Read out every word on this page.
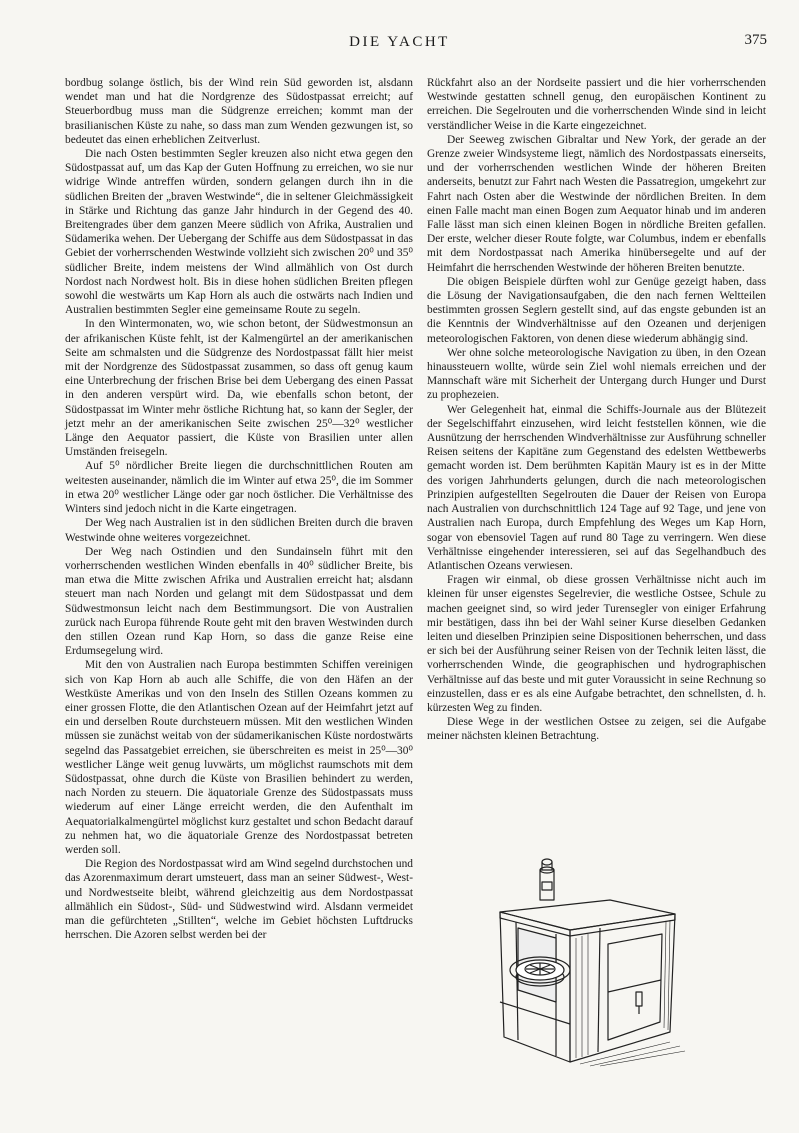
DIE YACHT	375

bordbug solange östlich, bis der Wind rein Süd geworden ist, alsdann wendet man und hat die Nordgrenze des Südostpassat erreicht; auf Steuerbordbug muss man die Südgrenze erreichen; kommt man der brasilianischen Küste zu nahe, so dass man zum Wenden gezwungen ist, so bedeutet das einen erheblichen Zeitverlust.

Die nach Osten bestimmten Segler kreuzen also nicht etwa gegen den Südostpassat auf, um das Kap der Guten Hoffnung zu erreichen, wo sie nur widrige Winde antreffen würden, sondern gelangen durch ihn in die südlichen Breiten der „braven Westwinde“, die in seltener Gleichmässigkeit in Stärke und Richtung das ganze Jahr hindurch in der Gegend des 40. Breitengrades über dem ganzen Meere südlich von Afrika, Australien und Südamerika wehen. Der Uebergang der Schiffe aus dem Südostpassat in das Gebiet der vorherrschenden Westwinde vollzieht sich zwischen 20⁰ und 35⁰ südlicher Breite, indem meistens der Wind allmählich von Ost durch Nordost nach Nordwest holt. Bis in diese hohen südlichen Breiten pflegen sowohl die westwärts um Kap Horn als auch die ostwärts nach Indien und Australien bestimmten Segler eine gemeinsame Route zu segeln.

In den Wintermonaten, wo, wie schon betont, der Südwestmonsun an der afrikanischen Küste fehlt, ist der Kalmengürtel an der amerikanischen Seite am schmalsten und die Südgrenze des Nordostpassat fällt hier meist mit der Nordgrenze des Südostpassat zusammen, so dass oft genug kaum eine Unterbrechung der frischen Brise bei dem Uebergang des einen Passat in den anderen verspürt wird. Da, wie ebenfalls schon betont, der Südostpassat im Winter mehr östliche Richtung hat, so kann der Segler, der jetzt mehr an der amerikanischen Seite zwischen 25⁰—32⁰ westlicher Länge den Aequator passiert, die Küste von Brasilien unter allen Umständen freisegeln.

Auf 5⁰ nördlicher Breite liegen die durchschnittlichen Routen am weitesten auseinander, nämlich die im Winter auf etwa 25⁰, die im Sommer in etwa 20⁰ westlicher Länge oder gar noch östlicher. Die Verhältnisse des Winters sind jedoch nicht in die Karte eingetragen.

Der Weg nach Australien ist in den südlichen Breiten durch die braven Westwinde ohne weiteres vorgezeichnet.

Der Weg nach Ostindien und den Sundainseln führt mit den vorherrschenden westlichen Winden ebenfalls in 40⁰ südlicher Breite, bis man etwa die Mitte zwischen Afrika und Australien erreicht hat; alsdann steuert man nach Norden und gelangt mit dem Südostpassat und dem Südwestmonsun leicht nach dem Bestimmungsort. Die von Australien zurück nach Europa führende Route geht mit den braven Westwinden durch den stillen Ozean rund Kap Horn, so dass die ganze Reise eine Erdumsegelung wird.

Mit den von Australien nach Europa bestimmten Schiffen vereinigen sich von Kap Horn ab auch alle Schiffe, die von den Häfen an der Westküste Amerikas und von den Inseln des Stillen Ozeans kommen zu einer grossen Flotte, die den Atlantischen Ozean auf der Heimfahrt jetzt auf ein und derselben Route durchsteuern müssen. Mit den westlichen Winden müssen sie zunächst weitab von der südamerikanischen Küste nordostwärts segelnd das Passatgebiet erreichen, sie überschreiten es meist in 25⁰—30⁰ westlicher Länge weit genug luvwärts, um möglichst raumschots mit dem Südostpassat, ohne durch die Küste von Brasilien behindert zu werden, nach Norden zu steuern. Die äquatoriale Grenze des Südostpassats muss wiederum auf einer Länge erreicht werden, die den Aufenthalt im Aequatorialkalmengürtel möglichst kurz gestaltet und schon Bedacht darauf zu nehmen hat, wo die äquatoriale Grenze des Nordostpassat betreten werden soll.

Die Region des Nordostpassat wird am Wind segelnd durchstochen und das Azorenmaximum derart umsteuert, dass man an seiner Südwest-, West- und Nordwestseite bleibt, während gleichzeitig aus dem Nordostpassat allmählich ein Südost-, Süd- und Südwestwind wird. Alsdann vermeidet man die gefürchteten „Stillten“, welche im Gebiet höchsten Luftdrucks herrschen. Die Azoren selbst werden bei der

Rückfahrt also an der Nordseite passiert und die hier vorherrschenden Westwinde gestatten schnell genug, den europäischen Kontinent zu erreichen. Die Segelrouten und die vorherrschenden Winde sind in leicht verständlicher Weise in die Karte eingezeichnet.

Der Seeweg zwischen Gibraltar und New York, der gerade an der Grenze zweier Windsysteme liegt, nämlich des Nordostpassats einerseits, und der vorherrschenden westlichen Winde der höheren Breiten anderseits, benutzt zur Fahrt nach Westen die Passatregion, umgekehrt zur Fahrt nach Osten aber die Westwinde der nördlichen Breiten. In dem einen Falle macht man einen Bogen zum Aequator hinab und im anderen Falle lässt man sich einen kleinen Bogen in nördliche Breiten gefallen. Der erste, welcher dieser Route folgte, war Columbus, indem er ebenfalls mit dem Nordostpassat nach Amerika hinübersegelte und auf der Heimfahrt die herrschenden Westwinde der höheren Breiten benutzte.

Die obigen Beispiele dürften wohl zur Genüge gezeigt haben, dass die Lösung der Navigationsaufgaben, die den nach fernen Weltteilen bestimmten grossen Seglern gestellt sind, auf das engste gebunden ist an die Kenntnis der Windverhältnisse auf den Ozeanen und derjenigen meteorologischen Faktoren, von denen diese wiederum abhängig sind.

Wer ohne solche meteorologische Navigation zu üben, in den Ozean hinaussteuern wollte, würde sein Ziel wohl niemals erreichen und der Mannschaft wäre mit Sicherheit der Untergang durch Hunger und Durst zu prophezeien.

Wer Gelegenheit hat, einmal die Schiffs-Journale aus der Blütezeit der Segelschiffahrt einzusehen, wird leicht feststellen können, wie die Ausnützung der herrschenden Windverhältnisse zur Ausführung schneller Reisen seitens der Kapitäne zum Gegenstand des edelsten Wettbewerbs gemacht worden ist. Dem berühmten Kapitän Maury ist es in der Mitte des vorigen Jahrhunderts gelungen, durch die nach meteorologischen Prinzipien aufgestellten Segelrouten die Dauer der Reisen von Europa nach Australien von durchschnittlich 124 Tage auf 92 Tage, und jene von Australien nach Europa, durch Empfehlung des Weges um Kap Horn, sogar von ebensoviel Tagen auf rund 80 Tage zu verringern. Wen diese Verhältnisse eingehender interessieren, sei auf das Segelhandbuch des Atlantischen Ozeans verwiesen.

Fragen wir einmal, ob diese grossen Verhältnisse nicht auch im kleinen für unser eigenstes Segelrevier, die westliche Ostsee, Schule zu machen geeignet sind, so wird jeder Turensegler von einiger Erfahrung mir bestätigen, dass ihn bei der Wahl seiner Kurse dieselben Gedanken leiten und dieselben Prinzipien seine Dispositionen beherrschen, und dass er sich bei der Ausführung seiner Reisen von der Technik leiten lässt, die vorherrschenden Winde, die geographischen und hydrographischen Verhältnisse auf das beste und mit guter Voraussicht in seine Rechnung so einzustellen, dass er es als eine Aufgabe betrachtet, den schnellsten, d. h. kürzesten Weg zu finden.

Diese Wege in der westlichen Ostsee zu zeigen, sei die Aufgabe meiner nächsten kleinen Betrachtung.
